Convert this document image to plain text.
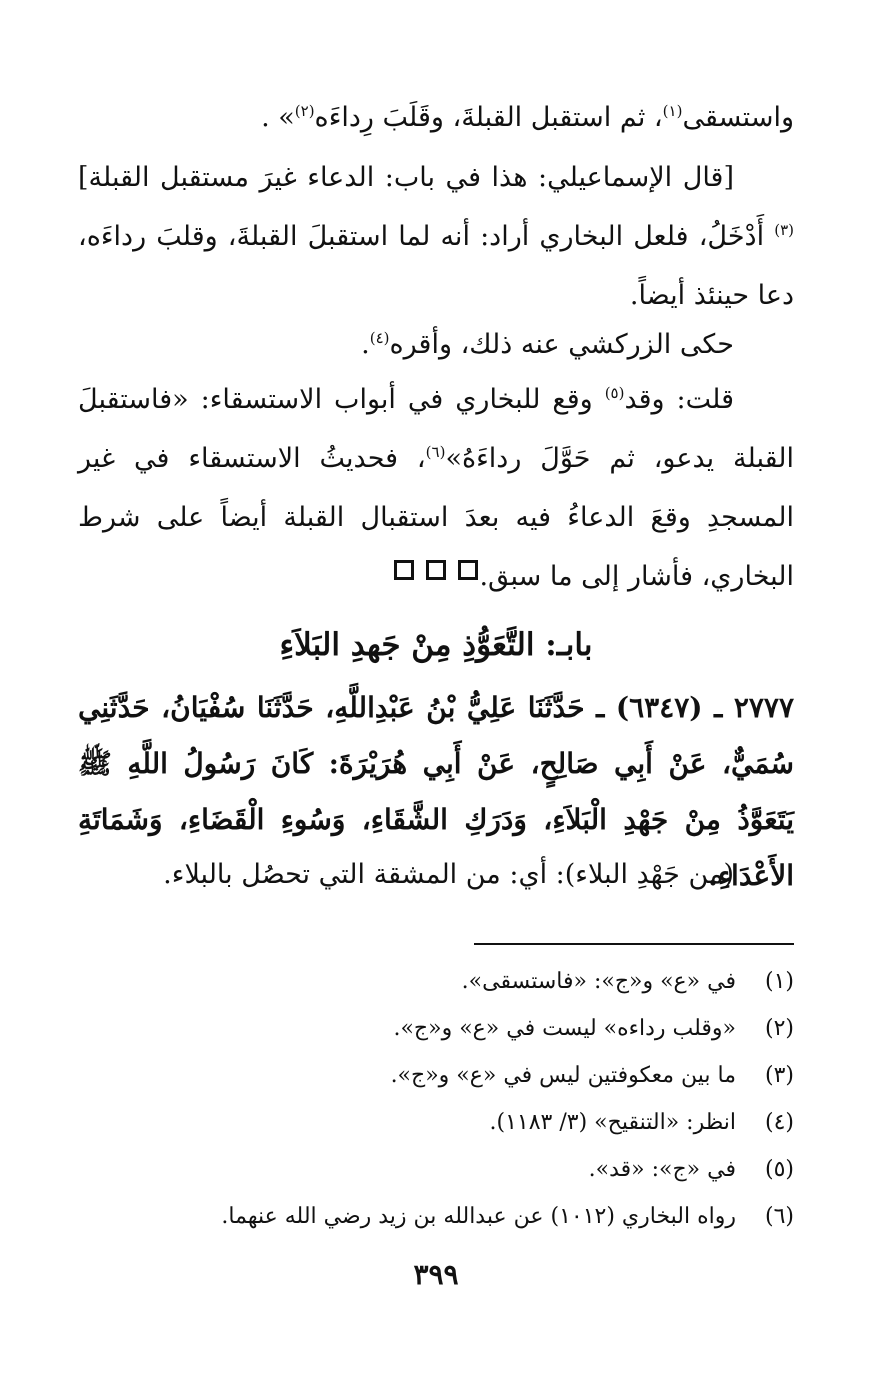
واستسقى$^{(١)}$، ثم استقبل القبلةَ، وقَلَبَ رِداءَه$^{(٢)}$» .

[قال الإسماعيلي: هذا في باب: الدعاء غيرَ مستقبل القبلة]$^{(٣)}$ أَدْخَلُ، فلعل البخاري أراد: أنه لما استقبلَ القبلةَ، وقلبَ رداءَه، دعا حينئذ أيضاً.

حكى الزركشي عنه ذلك، وأقره$^{(٤)}$.

قلت: وقد$^{(٥)}$ وقع للبخاري في أبواب الاستسقاء: «فاستقبلَ القبلة يدعو، ثم حَوَّلَ رداءَهُ»$^{(٦)}$، فحديثُ الاستسقاء في غير المسجدِ وقعَ الدعاءُ فيه بعدَ استقبال القبلة أيضاً على شرط البخاري، فأشار إلى ما سبق.

بابـ: التَّعَوُّذِ مِنْ جَهدِ البَلاَءِ
٢٧٧٧ ـ (٦٣٤٧) ـ حَدَّثَنَا عَلِيُّ بْنُ عَبْدِاللَّهِ، حَدَّثَنَا سُفْيَانُ، حَدَّثَنِي سُمَيٌّ، عَنْ أَبِي صَالِحٍ، عَنْ أَبِي هُرَيْرَةَ: كَانَ رَسُولُ اللَّهِ ﷺ يَتَعَوَّذُ مِنْ جَهْدِ الْبَلاَءِ، وَدَرَكِ الشَّقَاءِ، وَسُوءِ الْقَضَاءِ، وَشَمَاتَةِ الأَعْدَاءِ.
(من جَهْدِ البلاء): أي: من المشقة التي تحصُل بالبلاء.
(١)في «ع» و«ج»: «فاستسقى».
(٢)«وقلب رداءه» ليست في «ع» و«ج».
(٣)ما بين معكوفتين ليس في «ع» و«ج».
(٤)انظر: «التنقيح» (٣/ ١١٨٣).
(٥)في «ج»: «قد».
(٦)رواه البخاري (١٠١٢) عن عبدالله بن زيد رضي الله عنهما.
٣٩٩
